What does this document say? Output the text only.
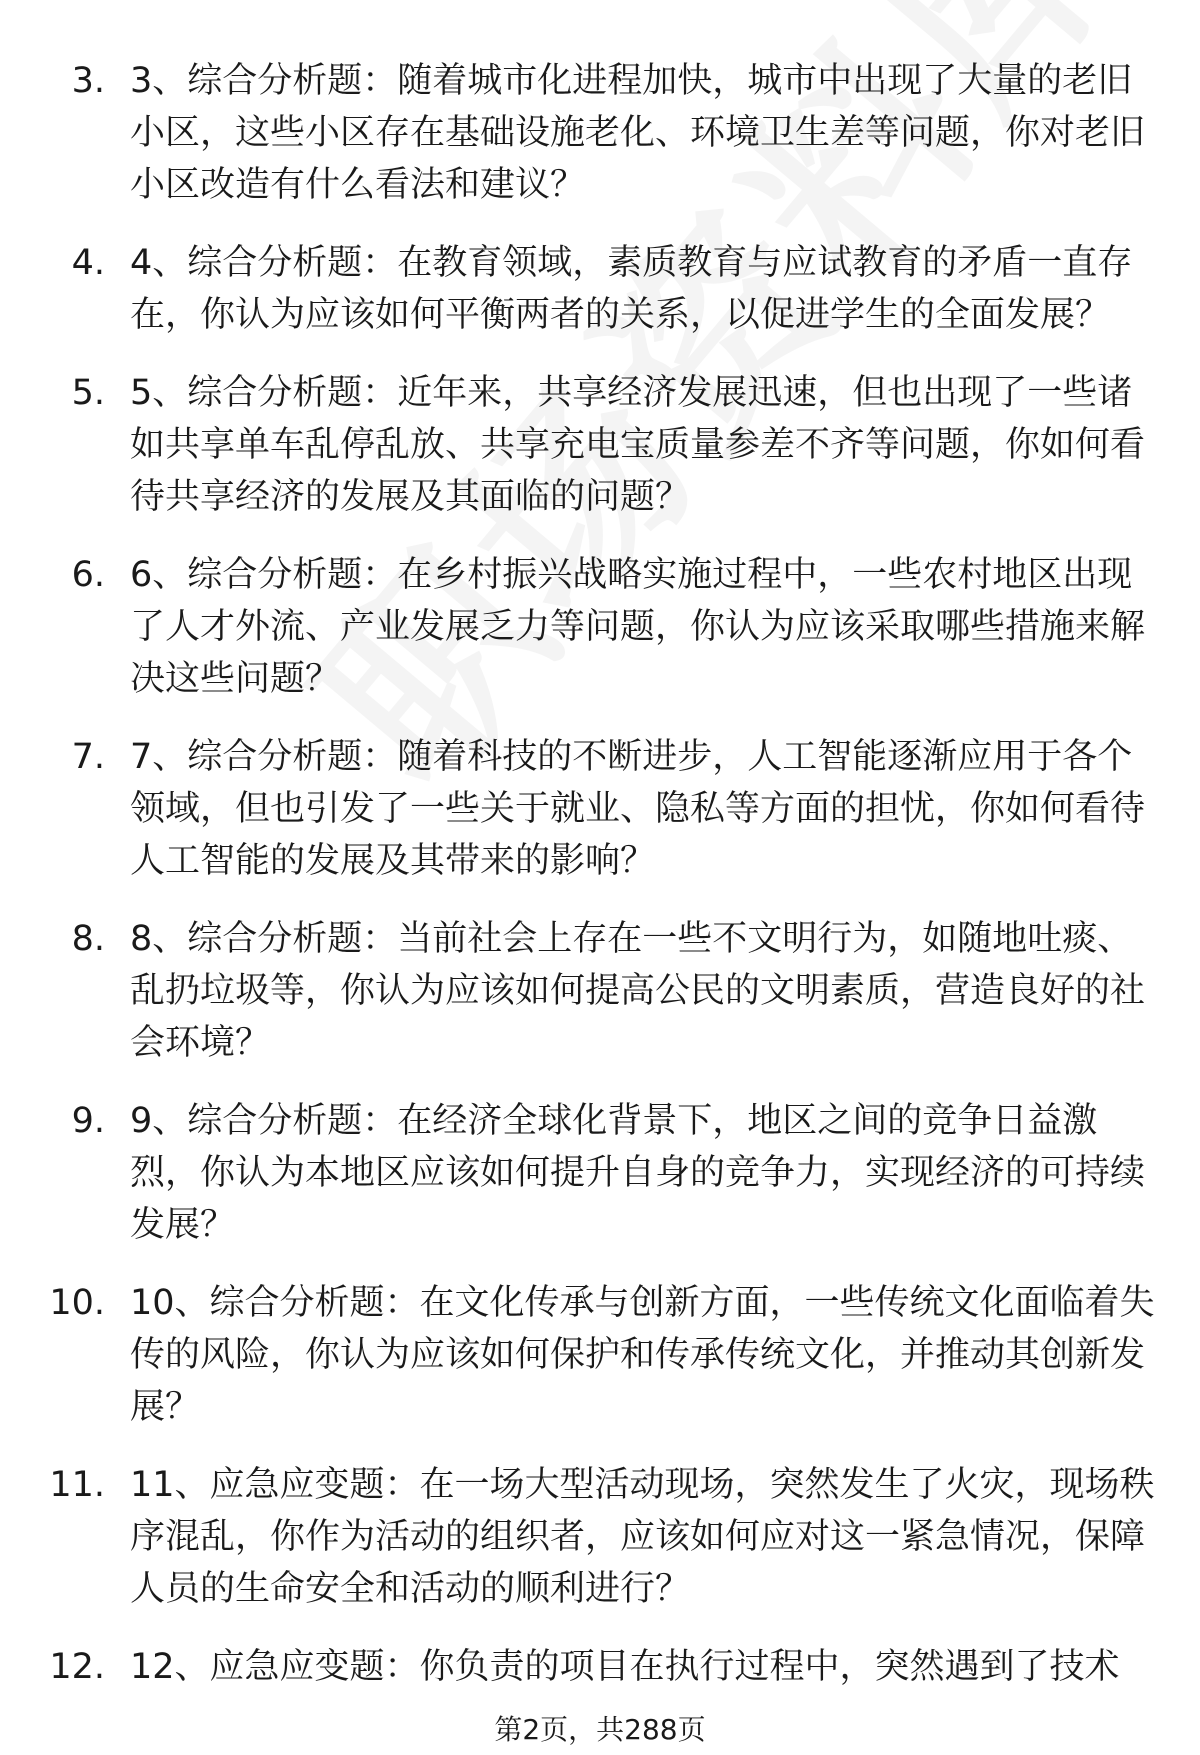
3. 3、综合分析题：随着城市化进程加快，城市中出现了大量的老旧小区，这些小区存在基础设施老化、环境卫生差等问题，你对老旧小区改造有什么看法和建议？
4. 4、综合分析题：在教育领域，素质教育与应试教育的矛盾一直存在，你认为应该如何平衡两者的关系，以促进学生的全面发展？
5. 5、综合分析题：近年来，共享经济发展迅速，但也出现了一些诸如共享单车乱停乱放、共享充电宝质量参差不齐等问题，你如何看待共享经济的发展及其面临的问题？
6. 6、综合分析题：在乡村振兴战略实施过程中，一些农村地区出现了人才外流、产业发展乏力等问题，你认为应该采取哪些措施来解决这些问题？
7. 7、综合分析题：随着科技的不断进步，人工智能逐渐应用于各个领域，但也引发了一些关于就业、隐私等方面的担忧，你如何看待人工智能的发展及其带来的影响？
8. 8、综合分析题：当前社会上存在一些不文明行为，如随地吐痰、乱扔垃圾等，你认为应该如何提高公民的文明素质，营造良好的社会环境？
9. 9、综合分析题：在经济全球化背景下，地区之间的竞争日益激烈，你认为本地区应该如何提升自身的竞争力，实现经济的可持续发展？
10. 10、综合分析题：在文化传承与创新方面，一些传统文化面临着失传的风险，你认为应该如何保护和传承传统文化，并推动其创新发展？
11. 11、应急应变题：在一场大型活动现场，突然发生了火灾，现场秩序混乱，你作为活动的组织者，应该如何应对这一紧急情况，保障人员的生命安全和活动的顺利进行？
12. 12、应急应变题：你负责的项目在执行过程中，突然遇到了技术
第2页，共288页
